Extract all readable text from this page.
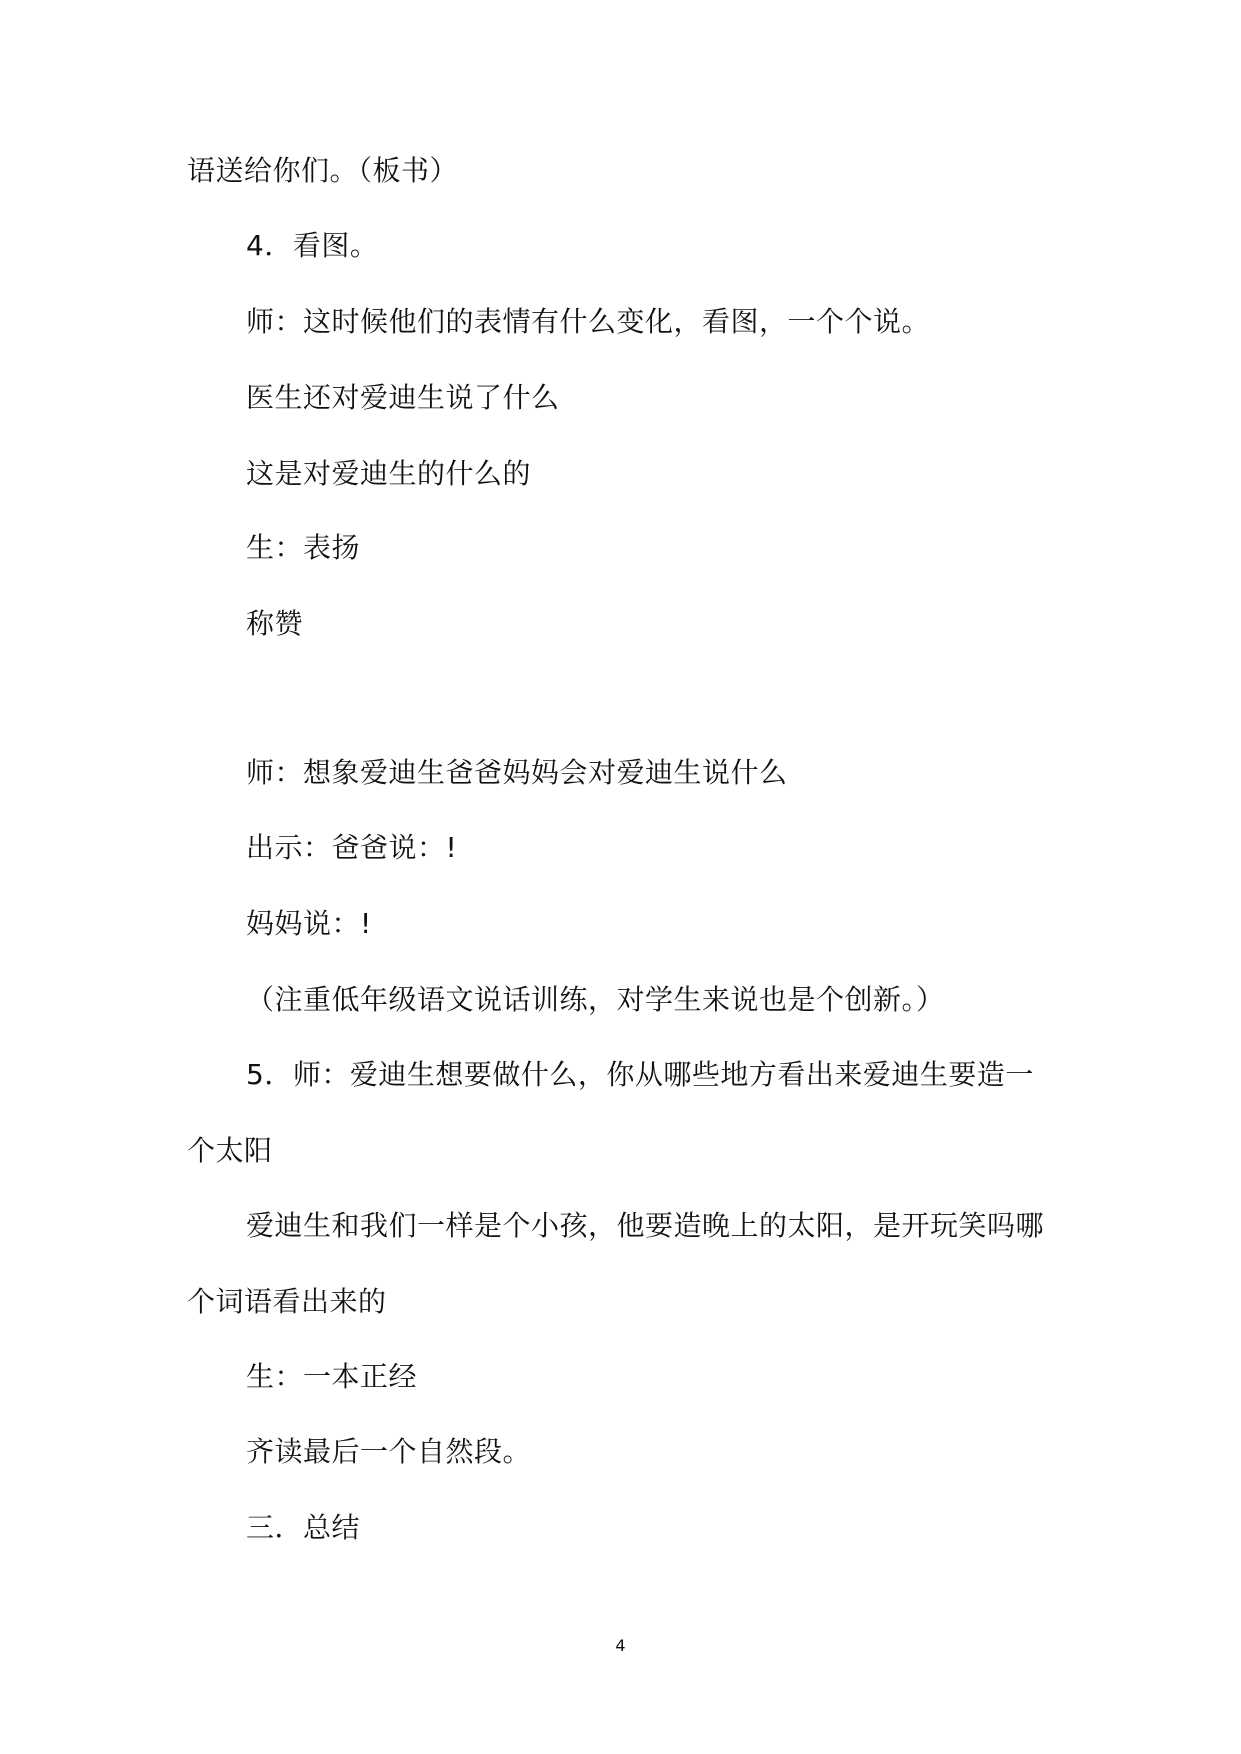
语送给你们。（板书）
4．看图。
师：这时候他们的表情有什么变化，看图，一个个说。
医生还对爱迪生说了什么
这是对爱迪生的什么的
生：表扬
称赞
师：想象爱迪生爸爸妈妈会对爱迪生说什么
出示：爸爸说：!
妈妈说：!
（注重低年级语文说话训练，对学生来说也是个创新。）
5．师：爱迪生想要做什么，你从哪些地方看出来爱迪生要造一
个太阳
爱迪生和我们一样是个小孩，他要造晚上的太阳，是开玩笑吗哪
个词语看出来的
生：一本正经
齐读最后一个自然段。
三．总结
4
